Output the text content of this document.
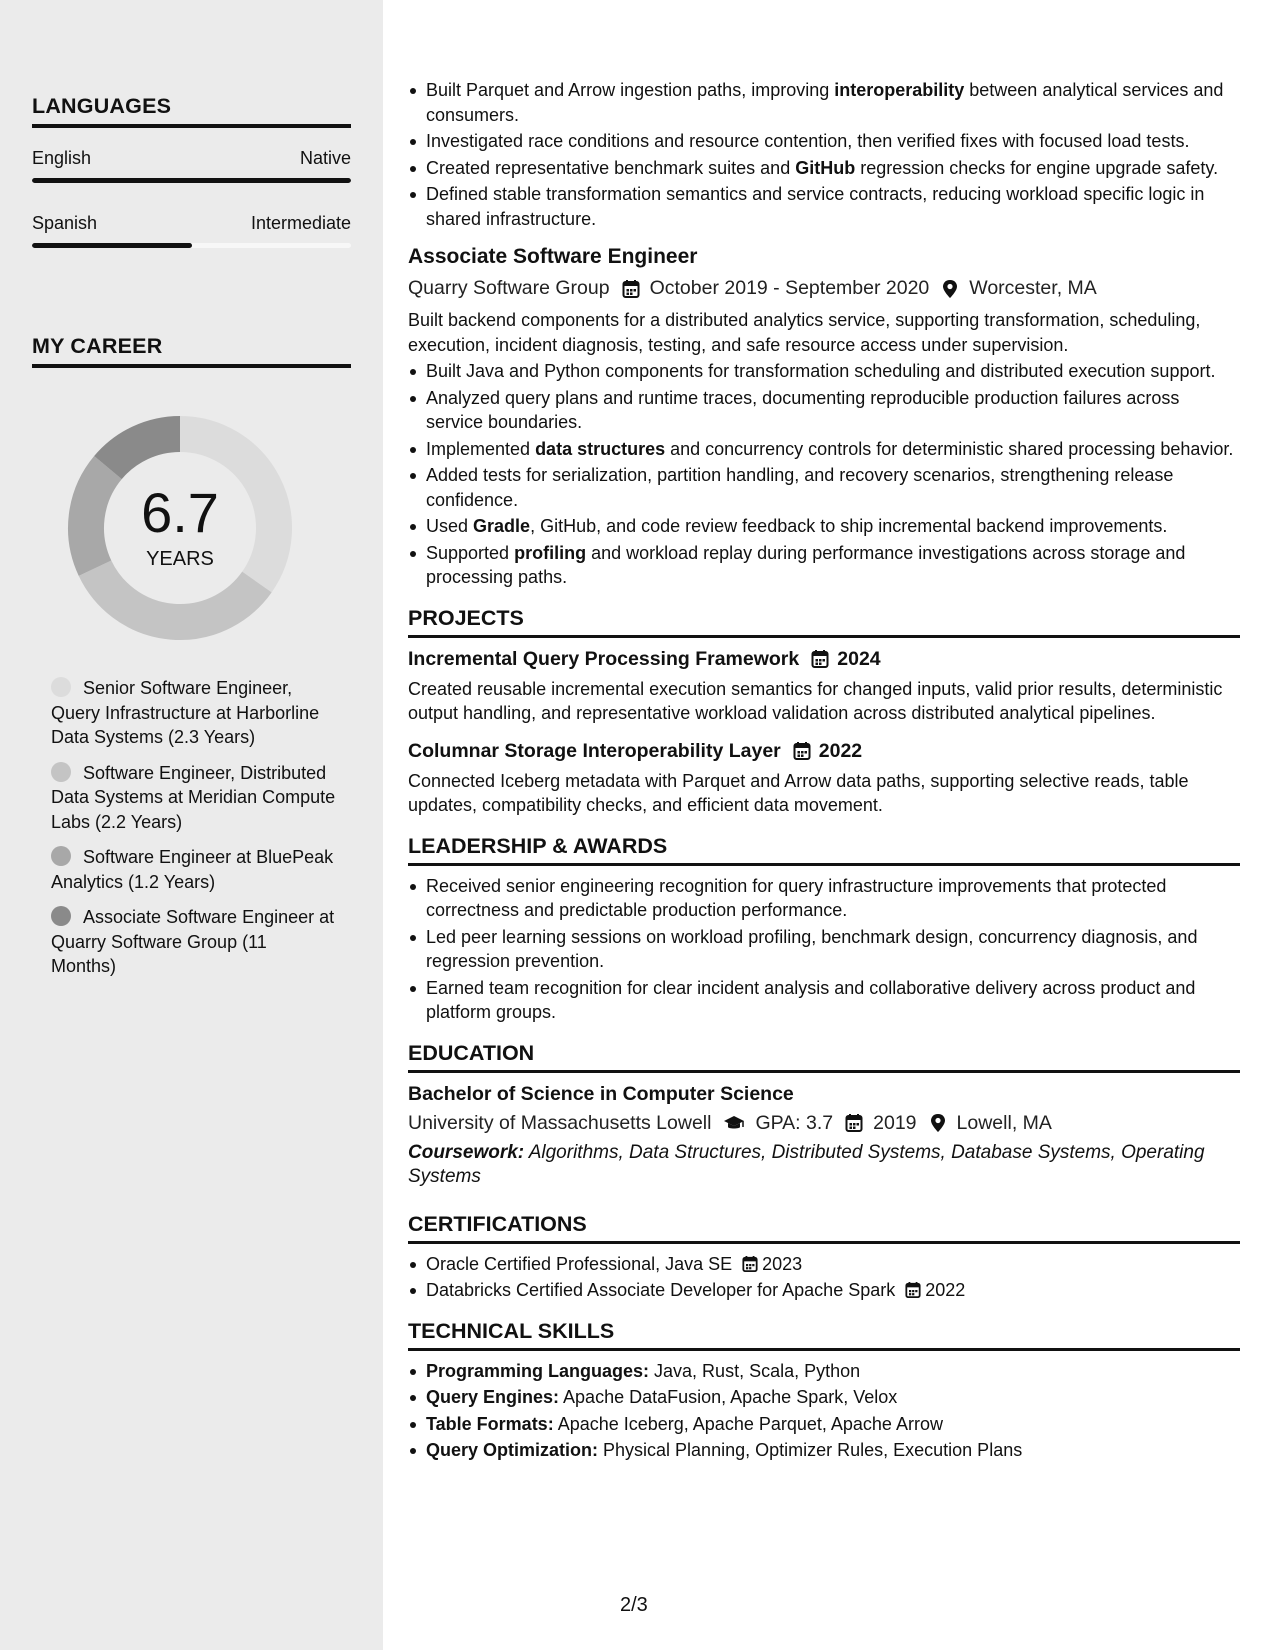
LANGUAGES
English	Native
Spanish	Intermediate
MY CAREER
6.7
YEARS
Senior Software Engineer, Query Infrastructure at Harborline Data Systems (2.3 Years)
Software Engineer, Distributed Data Systems at Meridian Compute Labs (2.2 Years)
Software Engineer at BluePeak Analytics (1.2 Years)
Associate Software Engineer at Quarry Software Group (11 Months)
Built Parquet and Arrow ingestion paths, improving interoperability between analytical services and consumers.
Investigated race conditions and resource contention, then verified fixes with focused load tests.
Created representative benchmark suites and GitHub regression checks for engine upgrade safety.
Defined stable transformation semantics and service contracts, reducing workload specific logic in shared infrastructure.
Associate Software Engineer
Quarry Software Group October 2019 - September 2020 Worcester, MA
Built backend components for a distributed analytics service, supporting transformation, scheduling, execution, incident diagnosis, testing, and safe resource access under supervision.
Built Java and Python components for transformation scheduling and distributed execution support.
Analyzed query plans and runtime traces, documenting reproducible production failures across service boundaries.
Implemented data structures and concurrency controls for deterministic shared processing behavior.
Added tests for serialization, partition handling, and recovery scenarios, strengthening release confidence.
Used Gradle, GitHub, and code review feedback to ship incremental backend improvements.
Supported profiling and workload replay during performance investigations across storage and processing paths.
PROJECTS
Incremental Query Processing Framework 2024
Created reusable incremental execution semantics for changed inputs, valid prior results, deterministic output handling, and representative workload validation across distributed analytical pipelines.
Columnar Storage Interoperability Layer 2022
Connected Iceberg metadata with Parquet and Arrow data paths, supporting selective reads, table updates, compatibility checks, and efficient data movement.
LEADERSHIP & AWARDS
Received senior engineering recognition for query infrastructure improvements that protected correctness and predictable production performance.
Led peer learning sessions on workload profiling, benchmark design, concurrency diagnosis, and regression prevention.
Earned team recognition for clear incident analysis and collaborative delivery across product and platform groups.
EDUCATION
Bachelor of Science in Computer Science
University of Massachusetts Lowell GPA: 3.7 2019 Lowell, MA
Coursework: Algorithms, Data Structures, Distributed Systems, Database Systems, Operating Systems
CERTIFICATIONS
Oracle Certified Professional, Java SE 2023
Databricks Certified Associate Developer for Apache Spark 2022
TECHNICAL SKILLS
Programming Languages: Java, Rust, Scala, Python
Query Engines: Apache DataFusion, Apache Spark, Velox
Table Formats: Apache Iceberg, Apache Parquet, Apache Arrow
Query Optimization: Physical Planning, Optimizer Rules, Execution Plans
2/3
